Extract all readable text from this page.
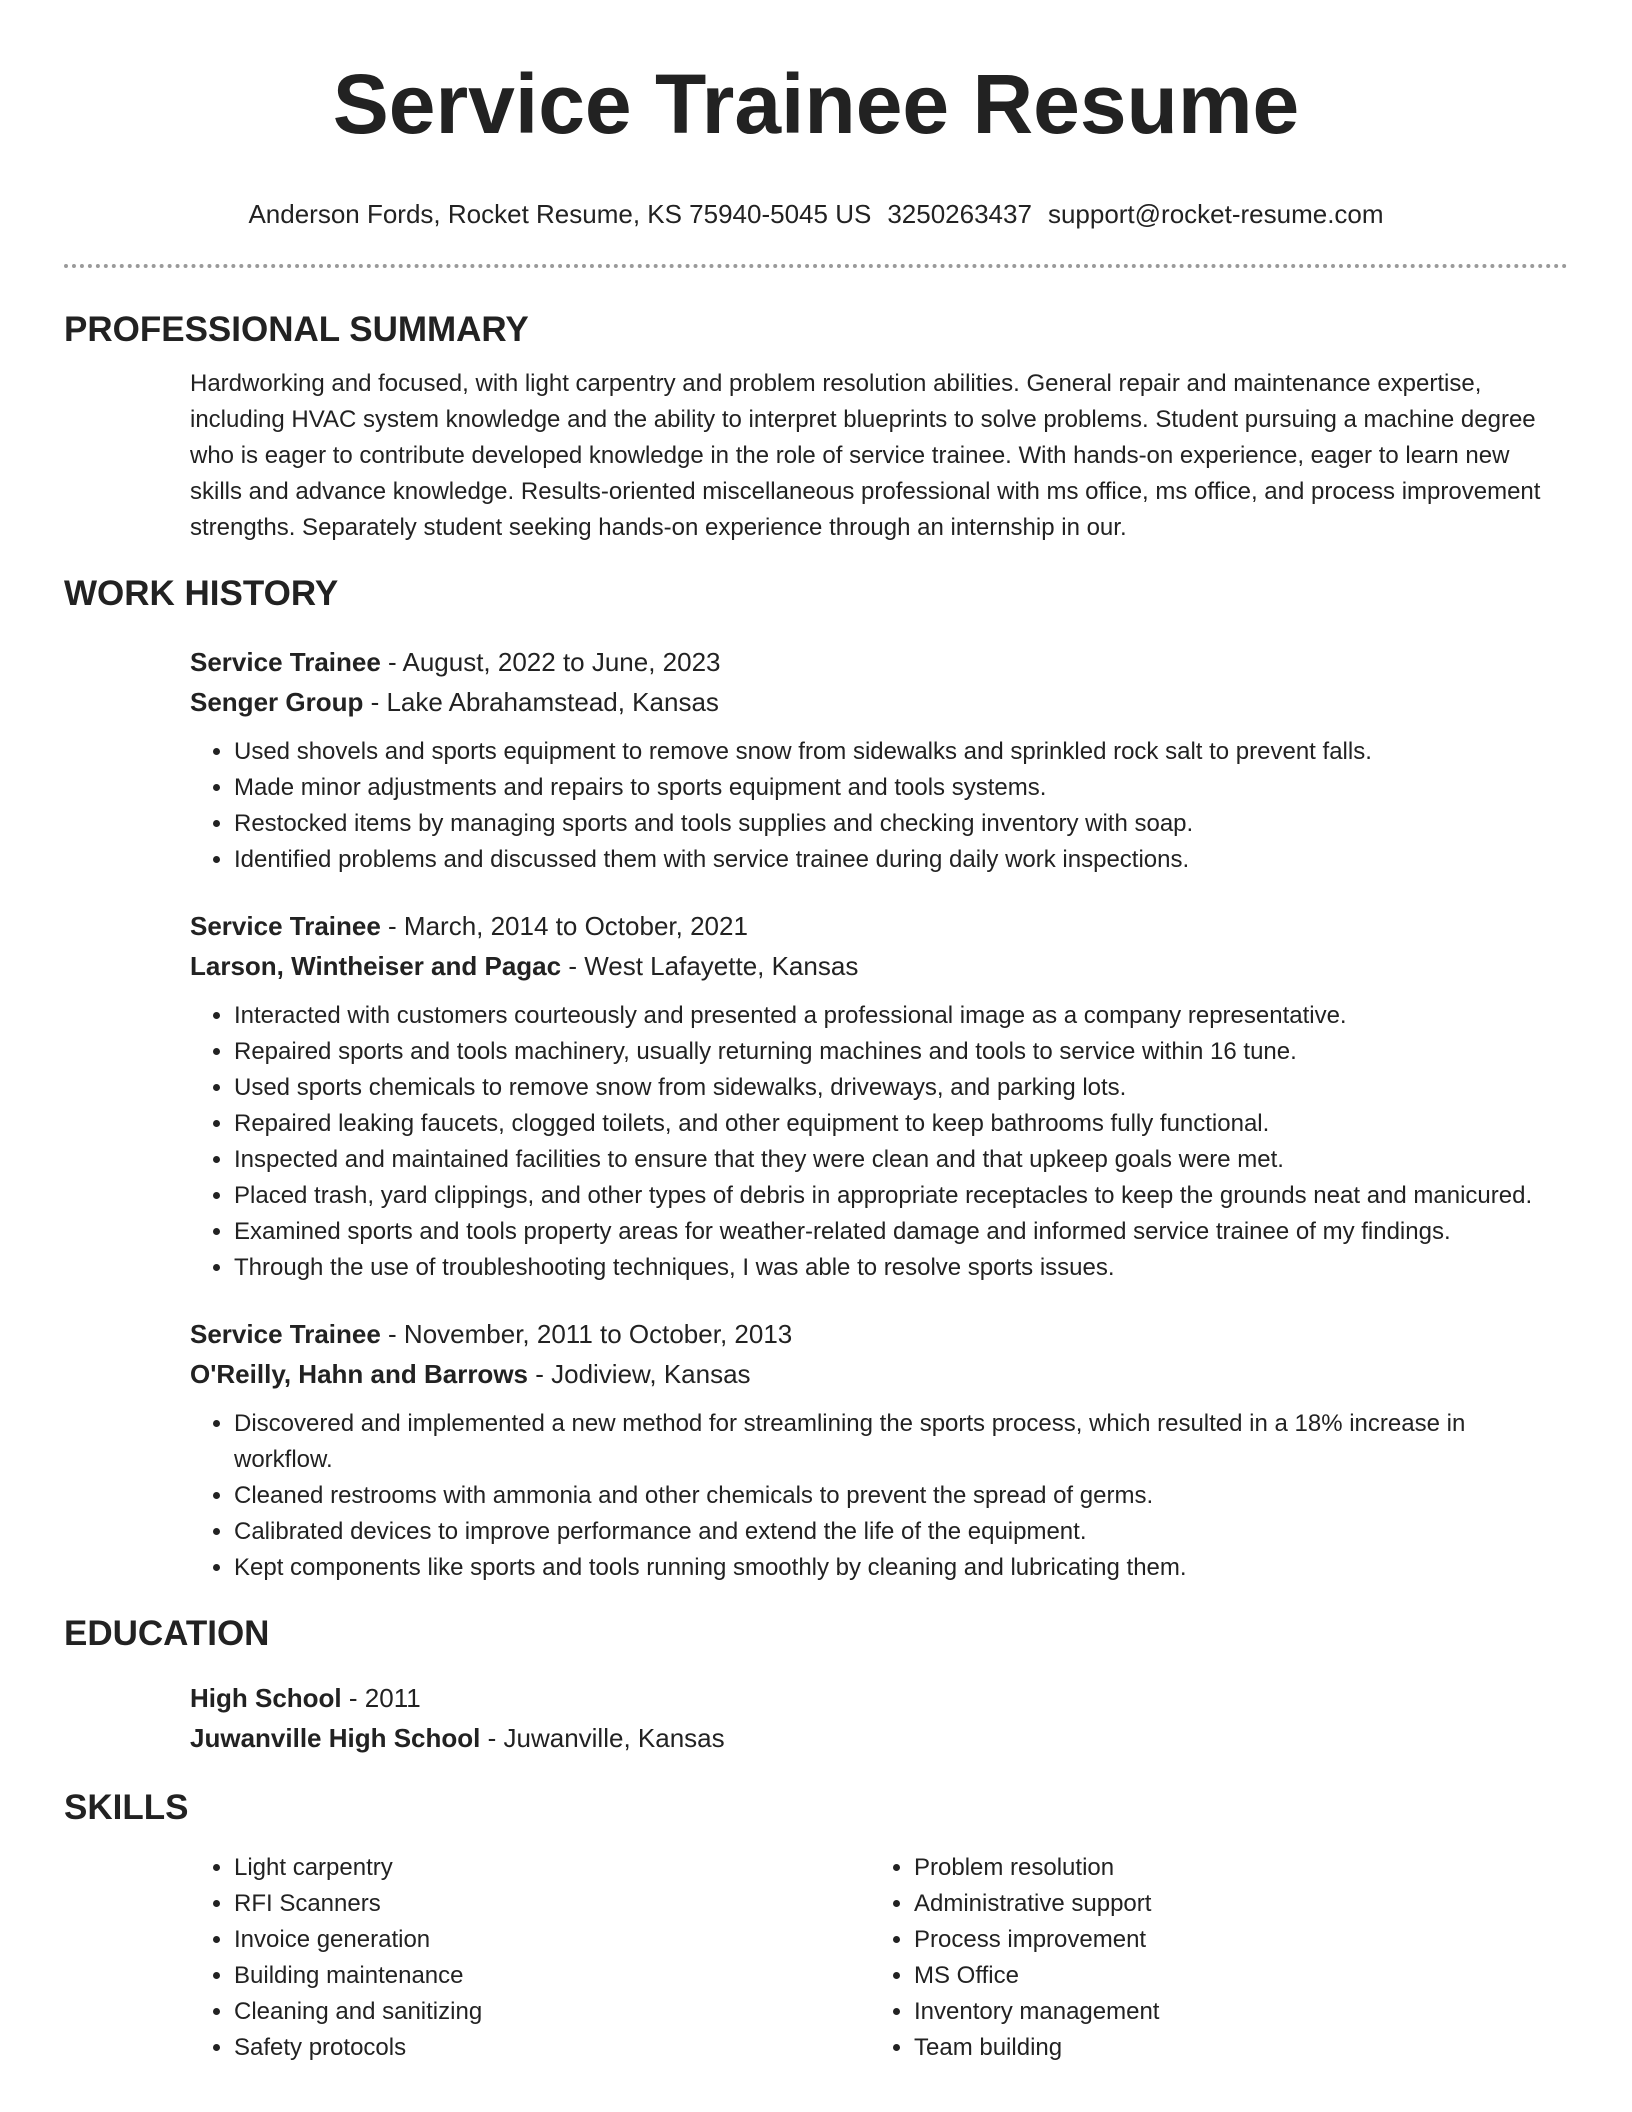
Service Trainee Resume
Anderson Fords, Rocket Resume, KS 75940-5045 US 3250263437 support@rocket-resume.com
PROFESSIONAL SUMMARY
Hardworking and focused, with light carpentry and problem resolution abilities. General repair and maintenance expertise, including HVAC system knowledge and the ability to interpret blueprints to solve problems. Student pursuing a machine degree who is eager to contribute developed knowledge in the role of service trainee. With hands-on experience, eager to learn new skills and advance knowledge. Results-oriented miscellaneous professional with ms office, ms office, and process improvement strengths. Separately student seeking hands-on experience through an internship in our.
WORK HISTORY
Service Trainee - August, 2022 to June, 2023
Senger Group - Lake Abrahamstead, Kansas
• Used shovels and sports equipment to remove snow from sidewalks and sprinkled rock salt to prevent falls.
• Made minor adjustments and repairs to sports equipment and tools systems.
• Restocked items by managing sports and tools supplies and checking inventory with soap.
• Identified problems and discussed them with service trainee during daily work inspections.
Service Trainee - March, 2014 to October, 2021
Larson, Wintheiser and Pagac - West Lafayette, Kansas
• Interacted with customers courteously and presented a professional image as a company representative.
• Repaired sports and tools machinery, usually returning machines and tools to service within 16 tune.
• Used sports chemicals to remove snow from sidewalks, driveways, and parking lots.
• Repaired leaking faucets, clogged toilets, and other equipment to keep bathrooms fully functional.
• Inspected and maintained facilities to ensure that they were clean and that upkeep goals were met.
• Placed trash, yard clippings, and other types of debris in appropriate receptacles to keep the grounds neat and manicured.
• Examined sports and tools property areas for weather-related damage and informed service trainee of my findings.
• Through the use of troubleshooting techniques, I was able to resolve sports issues.
Service Trainee - November, 2011 to October, 2013
O'Reilly, Hahn and Barrows - Jodiview, Kansas
• Discovered and implemented a new method for streamlining the sports process, which resulted in a 18% increase in workflow.
• Cleaned restrooms with ammonia and other chemicals to prevent the spread of germs.
• Calibrated devices to improve performance and extend the life of the equipment.
• Kept components like sports and tools running smoothly by cleaning and lubricating them.
EDUCATION
High School - 2011
Juwanville High School - Juwanville, Kansas
SKILLS
• Light carpentry
• RFI Scanners
• Invoice generation
• Building maintenance
• Cleaning and sanitizing
• Safety protocols
• Problem resolution
• Administrative support
• Process improvement
• MS Office
• Inventory management
• Team building
